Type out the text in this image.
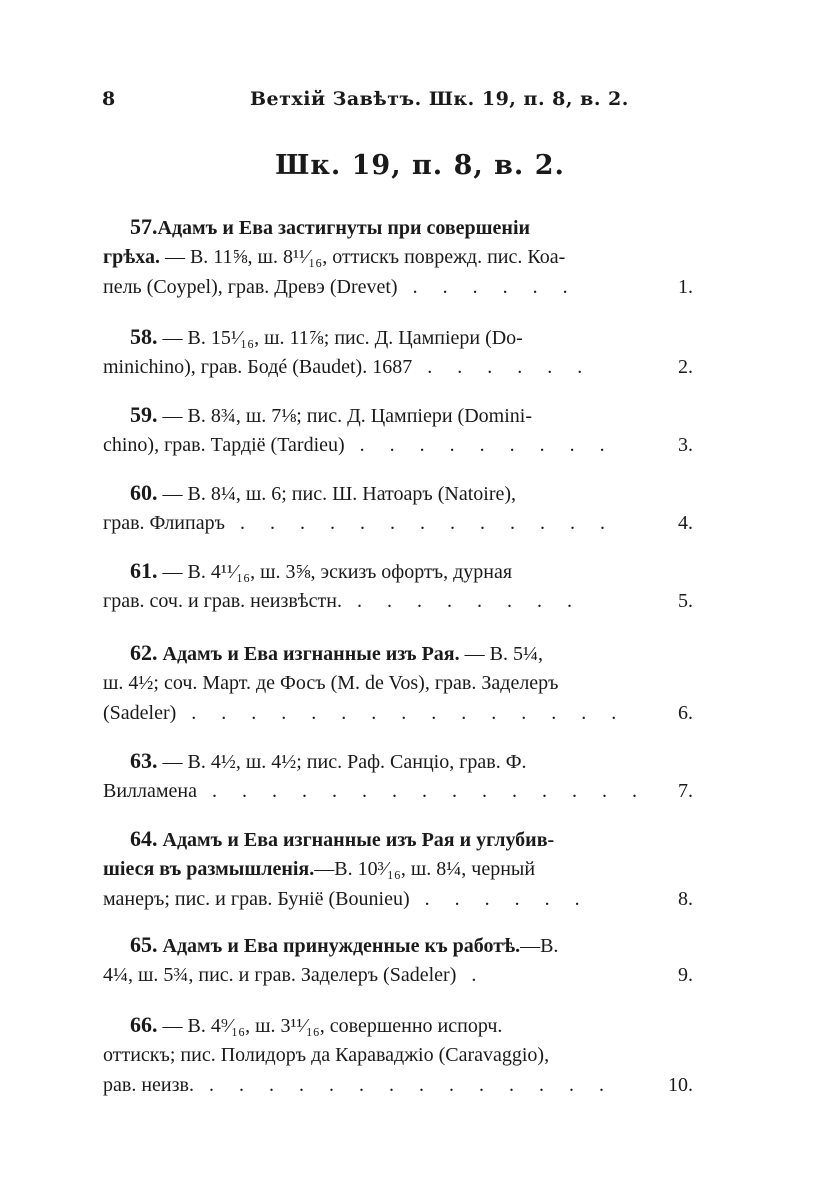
8	Ветхій Завѣтъ. Шк. 19, п. 8, в. 2.
Шк. 19, п. 8, в. 2.
57.Адамъ и Ева застигнуты при совершеніи
грѣха. — В. 11⅝, ш. 8¹¹⁄₁₆, оттискъ поврежд. пис. Коа-
пель (Coypel), грав. Древэ (Drevet) . . . . . .	1.
58. — В. 15¹⁄₁₆, ш. 11⅞; пис. Д. Цампіери (Do-
minichino), грав. Бодé (Baudet). 1687 . . . . . .	2.
59. — В. 8¾, ш. 7⅛; пис. Д. Цампіери (Domini-
chino), грав. Тардіё (Tardieu) . . . . . . . . .	3.
60. — В. 8¼, ш. 6; пис. Ш. Натоаръ (Natoire),
грав. Флипаръ . . . . . . . . . . . . .	4.
61. — В. 4¹¹⁄₁₆, ш. 3⅝, эскизъ офортъ, дурная
грав. соч. и грав. неизвѣстн. . . . . . . . .	5.
62. Адамъ и Ева изгнанные изъ Рая. — В. 5¼,
ш. 4½; соч. Март. де Фосъ (M. de Vos), грав. Заделеръ
(Sadeler) . . . . . . . . . . . . . . .	6.
63. — В. 4½, ш. 4½; пис. Раф. Санціо, грав. Ф.
Вилламена . . . . . . . . . . . . . . . 7.
64. Адамъ и Ева изгнанные изъ Рая и углубив-
шіеся въ размышленія.—В. 10³⁄₁₆, ш. 8¼, черный
манеръ; пис. и грав. Буніё (Bounieu) . . . . . .	8.
65. Адамъ и Ева принужденные къ работѣ.—В.
4¼, ш. 5¾, пис. и грав. Заделеръ (Sadeler) .	9.
66. — В. 4⁹⁄₁₆, ш. 3¹¹⁄₁₆, совершенно испорч.
оттискъ; пис. Полидоръ да Караваджіо (Caravaggio),
рав. неизв. . . . . . . . . . . . . . .	10.
